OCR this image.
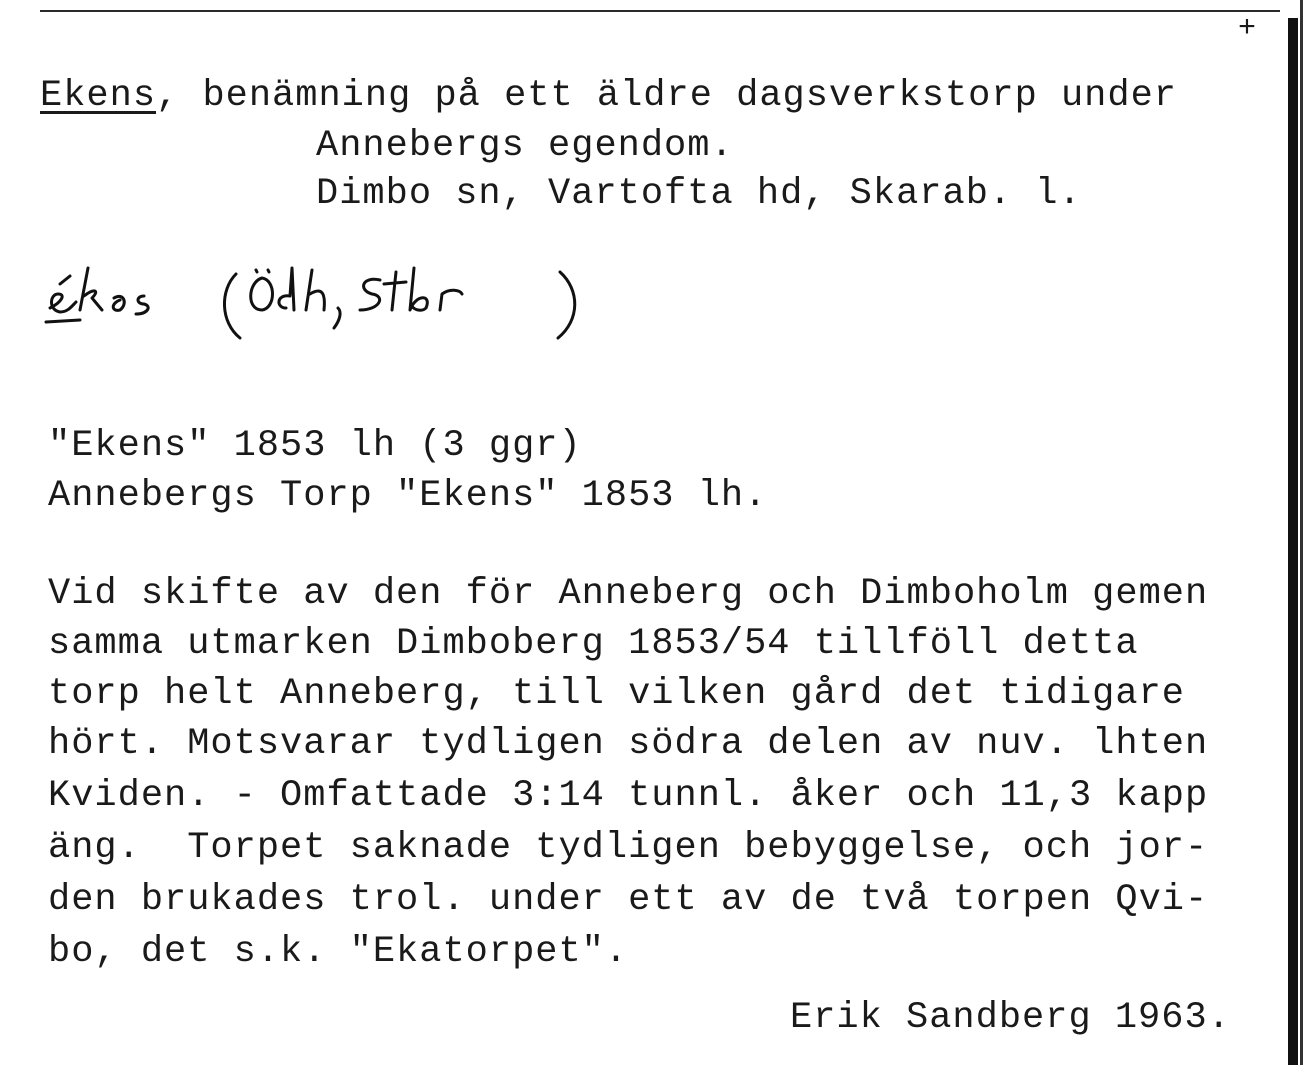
+
Ekens, benämning på ett äldre dagsverkstorp under
Annebergs egendom.
Dimbo sn, Vartofta hd, Skarab. l.
"Ekens" 1853 lh (3 ggr)
Annebergs Torp "Ekens" 1853 lh.
Vid skifte av den för Anneberg och Dimboholm gemen
samma utmarken Dimboberg 1853/54 tillföll detta
torp helt Anneberg, till vilken gård det tidigare
hört. Motsvarar tydligen södra delen av nuv. lhten
Kviden. - Omfattade 3:14 tunnl. åker och 11,3 kapp
äng.  Torpet saknade tydligen bebyggelse, och jor-
den brukades trol. under ett av de två torpen Qvi-
bo, det s.k. "Ekatorpet".
Erik Sandberg 1963.
